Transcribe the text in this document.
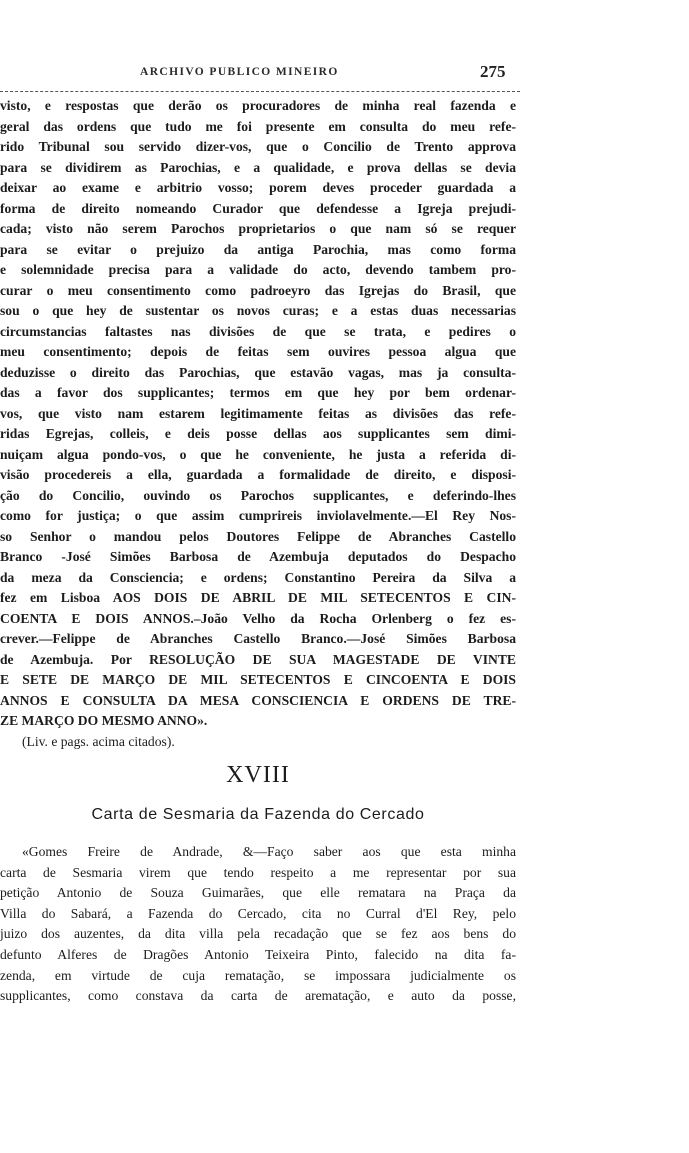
ARCHIVO PUBLICO MINEIRO	275
visto, e respostas que derão os procuradores de minha real fazenda e
geral das ordens que tudo me foi presente em consulta do meu refe-
rido Tribunal sou servido dizer-vos, que o Concilio de Trento approva
para se dividirem as Parochias, e a qualidade, e prova dellas se devia
deixar ao exame e arbitrio vosso; porem deves proceder guardada a
forma de direito nomeando Curador que defendesse a Igreja prejudi-
cada; visto não serem Parochos proprietarios o que nam só se requer
para se evitar o prejuizo da antiga Parochia, mas como forma
e solemnidade precisa para a validade do acto, devendo tambem pro-
curar o meu consentimento como padroeyro das Igrejas do Brasil, que
sou o que hey de sustentar os novos curas; e a estas duas necessarias
circumstancias faltastes nas divisões de que se trata, e pedires o
meu consentimento; depois de feitas sem ouvires pessoa algua que
deduzisse o direito das Parochias, que estavão vagas, mas ja consulta-
das a favor dos supplicantes; termos em que hey por bem ordenar-
vos, que visto nam estarem legitimamente feitas as divisões das refe-
ridas Egrejas, colleis, e deis posse dellas aos supplicantes sem dimi-
nuiçam algua pondo-vos, o que he conveniente, he justa a referida di-
visão procedereis a ella, guardada a formalidade de direito, e disposi-
ção do Concilio, ouvindo os Parochos supplicantes, e deferindo-lhes
como for justiça; o que assim cumprireis inviolavelmente.—El Rey Nos-
so Senhor o mandou pelos Doutores Felippe de Abranches Castello
Branco -José Simões Barbosa de Azembuja deputados do Despacho
da meza da Consciencia; e ordens; Constantino Pereira da Silva a
fez em Lisboa AOS DOIS DE ABRIL DE MIL SETECENTOS E CIN-
COENTA E DOIS ANNOS.–João Velho da Rocha Orlenberg o fez es-
crever.—Felippe de Abranches Castello Branco.—José Simões Barbosa
de Azembuja. Por RESOLUÇÃO DE SUA MAGESTADE DE VINTE
E SETE DE MARÇO DE MIL SETECENTOS E CINCOENTA E DOIS
ANNOS E CONSULTA DA MESA CONSCIENCIA E ORDENS DE TRE-
ZE MARÇO DO MESMO ANNO».
(Liv. e pags. acima citados).
XVIII
Carta de Sesmaria da Fazenda do Cercado
«Gomes Freire de Andrade, &—Faço saber aos que esta minha
carta de Sesmaria virem que tendo respeito a me representar por sua
petição Antonio de Souza Guimarães, que elle rematara na Praça da
Villa do Sabará, a Fazenda do Cercado, cita no Curral d'El Rey, pelo
juizo dos auzentes, da dita villa pela recadação que se fez aos bens do
defunto Alferes de Dragões Antonio Teixeira Pinto, falecido na dita fa-
zenda, em virtude de cuja rematação, se impossara judicialmente os
supplicantes, como constava da carta de arematação, e auto da posse,
